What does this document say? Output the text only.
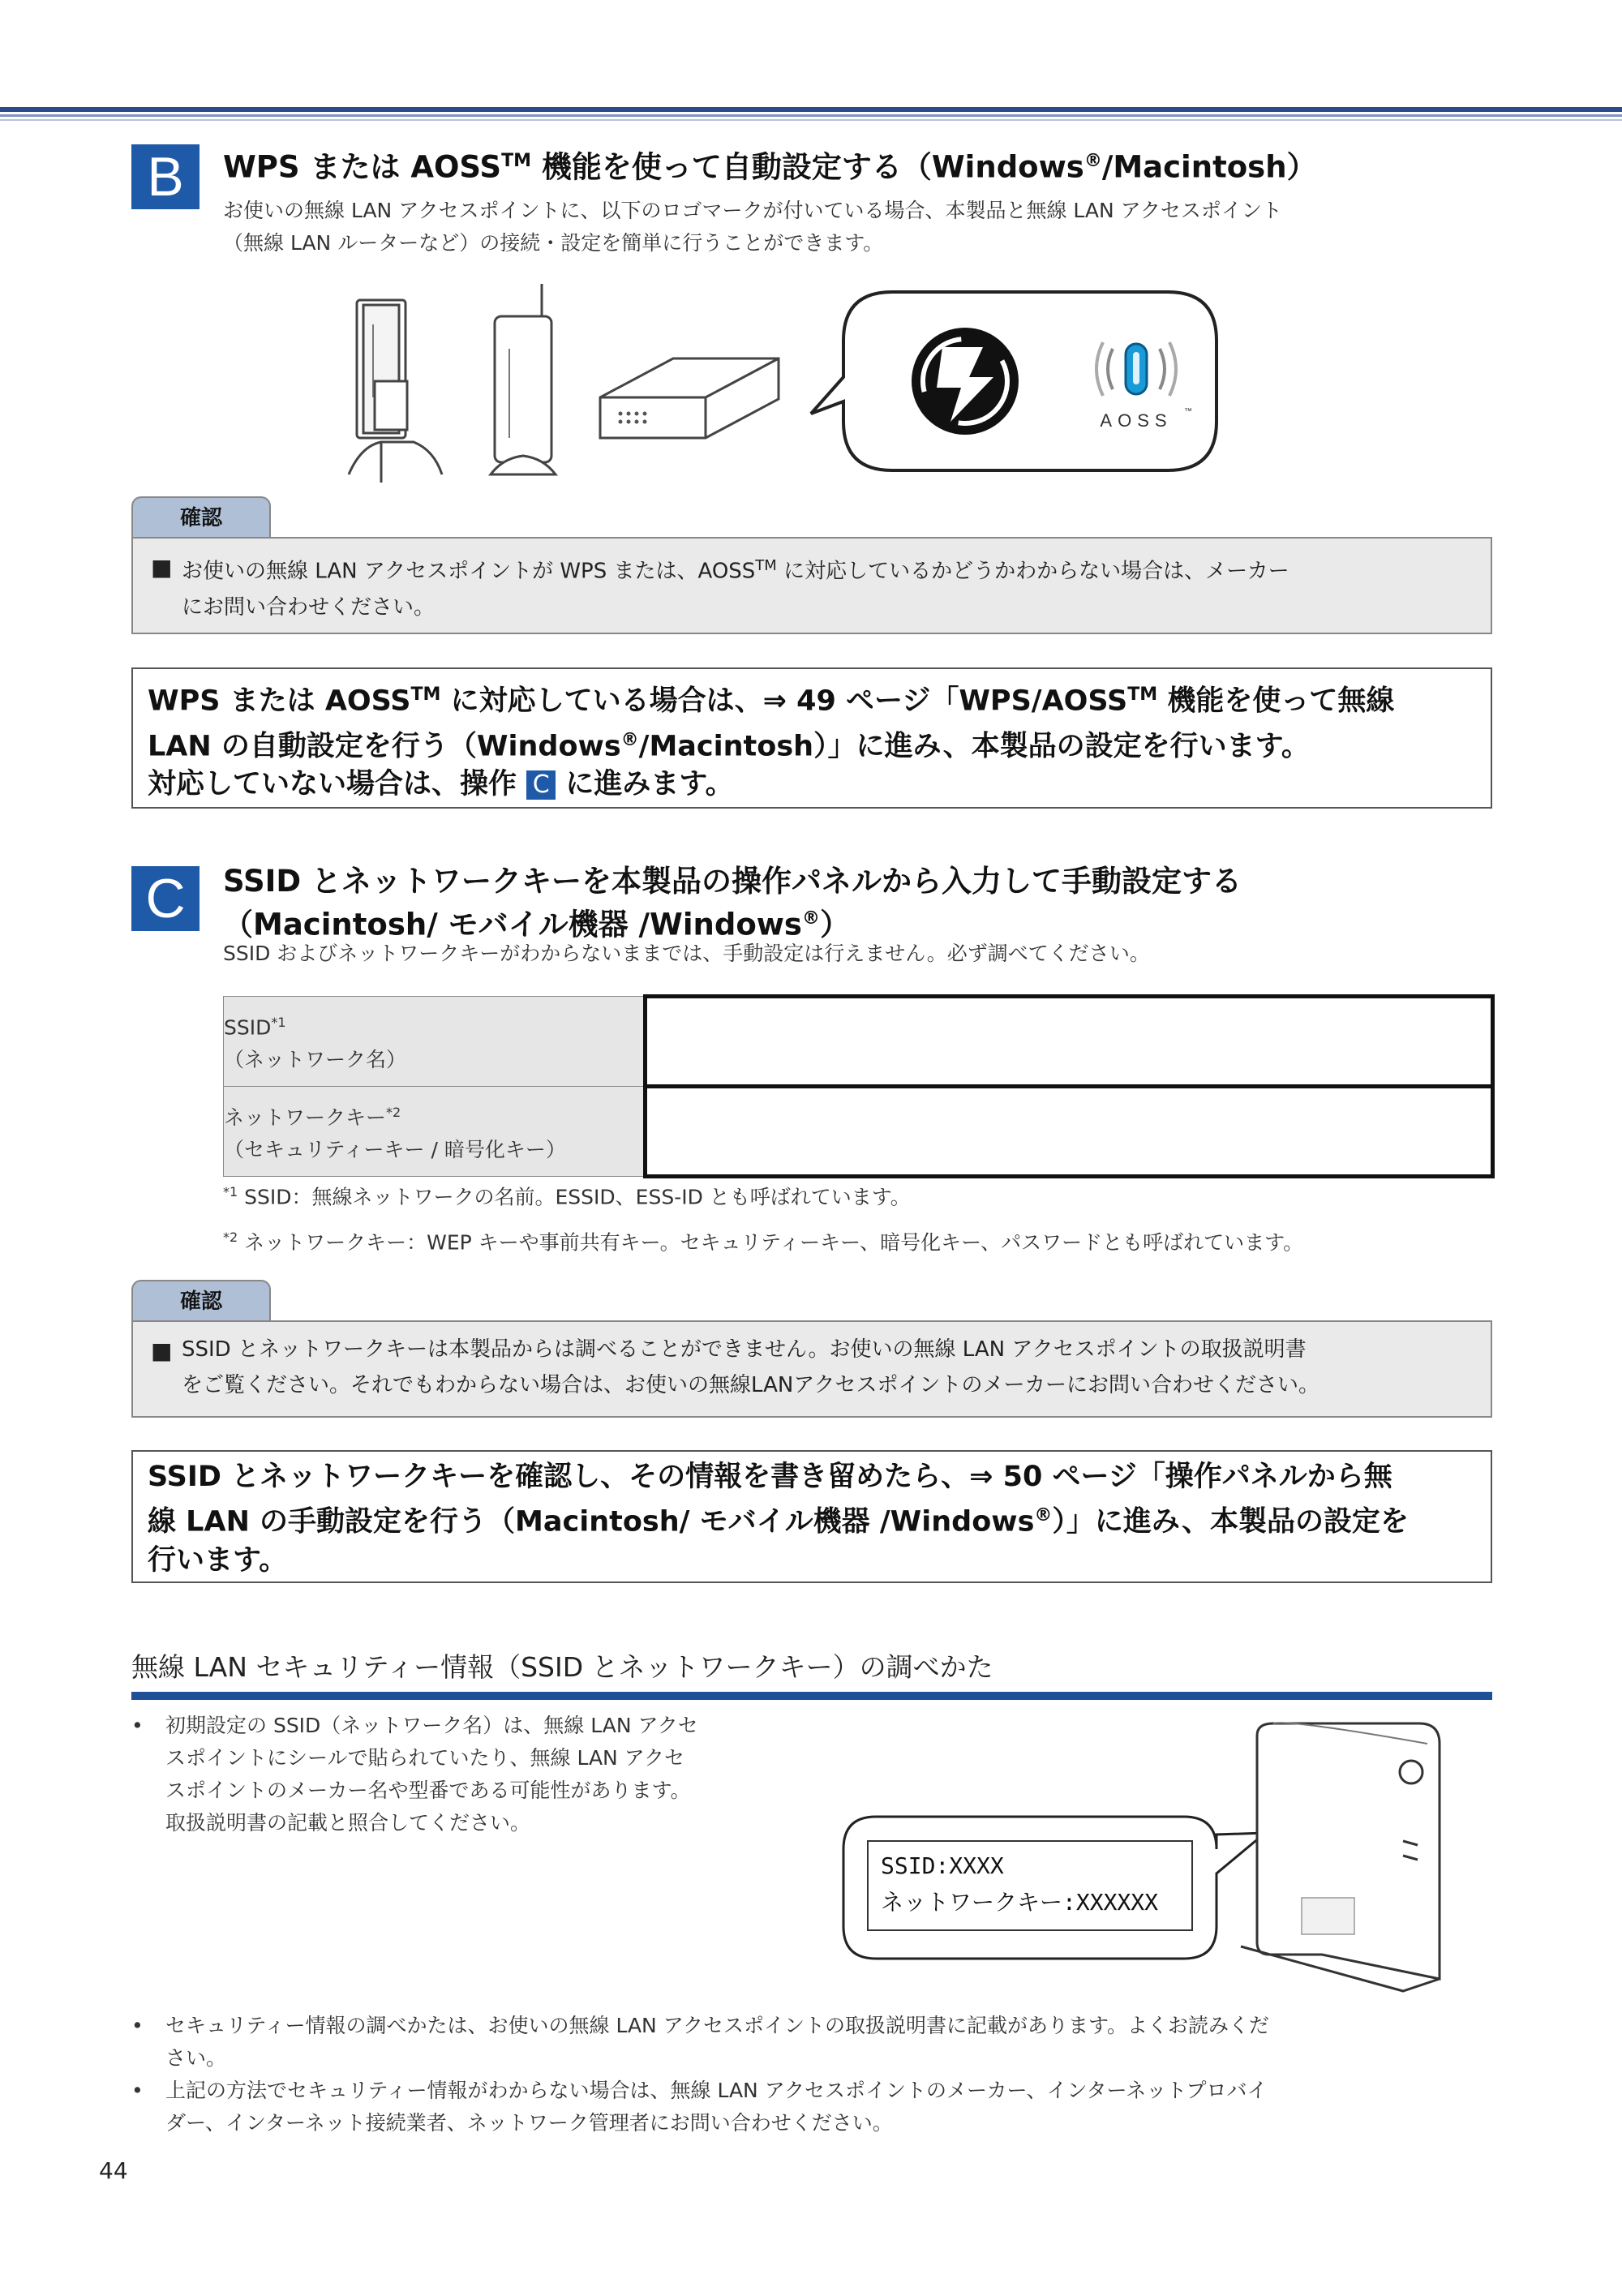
B	WPS または AOSS™ 機能を使って自動設定する（Windows®/Macintosh）
お使いの無線 LAN アクセスポイントに、以下のロゴマークが付いている場合、本製品と無線 LAN アクセスポイント
（無線 LAN ルーターなど）の接続・設定を簡単に行うことができます。
AOSS ™
確認
■ お使いの無線 LAN アクセスポイントが WPS または、AOSS™ に対応しているかどうかわからない場合は、メーカー
にお問い合わせください。
WPS または AOSS™ に対応している場合は、⇒ 49 ページ「WPS/AOSS™ 機能を使って無線
LAN の自動設定を行う（Windows®/Macintosh）」に進み、本製品の設定を行います。
対応していない場合は、操作 C に進みます。
C	SSID とネットワークキーを本製品の操作パネルから入力して手動設定する
（Macintosh/ モバイル機器 /Windows®）
SSID およびネットワークキーがわからないままでは、手動設定は行えません。必ず調べてください。
SSID$^{*1}$
（ネットワーク名）	

ネットワークキー$^{*2}$
（セキュリティーキー / 暗号化キー）	

$^{*1}$ SSID：無線ネットワークの名前。ESSID、ESS-ID とも呼ばれています。
$^{*2}$ ネットワークキー：WEP キーや事前共有キー。セキュリティーキー、暗号化キー、パスワードとも呼ばれています。
確認
■ SSID とネットワークキーは本製品からは調べることができません。お使いの無線 LAN アクセスポイントの取扱説明書
をご覧ください。それでもわからない場合は、お使いの無線LANアクセスポイントのメーカーにお問い合わせください。
SSID とネットワークキーを確認し、その情報を書き留めたら、⇒ 50 ページ「操作パネルから無
線 LAN の手動設定を行う（Macintosh/ モバイル機器 /Windows®）」に進み、本製品の設定を
行います。
無線 LAN セキュリティー情報（SSID とネットワークキー）の調べかた
• 初期設定の SSID（ネットワーク名）は、無線 LAN アクセ
スポイントにシールで貼られていたり、無線 LAN アクセ
スポイントのメーカー名や型番である可能性があります。
取扱説明書の記載と照合してください。
SSID:XXXX
ネットワークキー:XXXXXX
• セキュリティー情報の調べかたは、お使いの無線 LAN アクセスポイントの取扱説明書に記載があります。よくお読みくだ
さい。
• 上記の方法でセキュリティー情報がわからない場合は、無線 LAN アクセスポイントのメーカー、インターネットプロバイ
ダー、インターネット接続業者、ネットワーク管理者にお問い合わせください。
44
